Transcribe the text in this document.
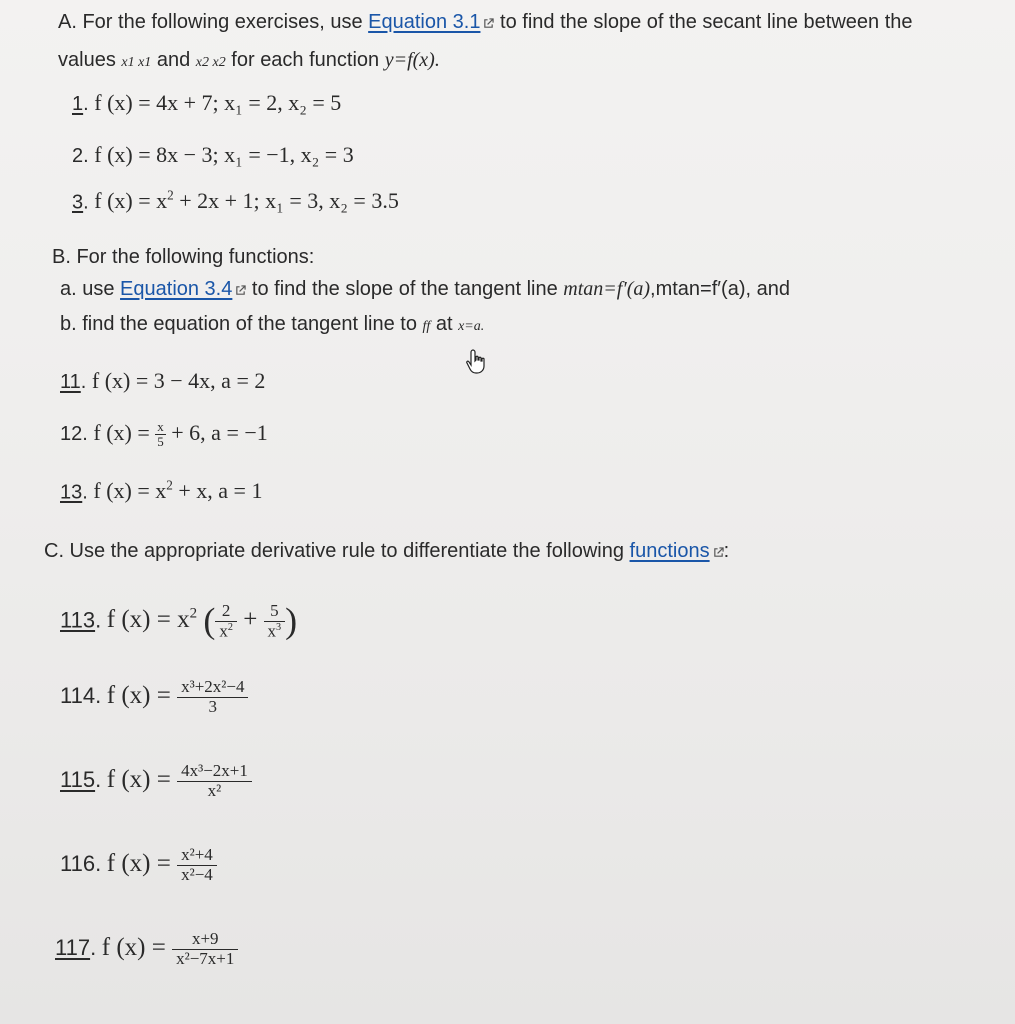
A. For the following exercises, use Equation 3.1 to find the slope of the secant line between the
values x1 x1 and x2 x2 for each function y=f(x).
1. f (x) = 4x + 7; x₁ = 2, x₂ = 5
2. f (x) = 8x − 3; x₁ = −1, x₂ = 3
3. f $(x) = x^2 + 2x + 1$; x₁ = 3, x₂ = 3.5
B. For the following functions:
a. use Equation 3.4 to find the slope of the tangent line mtan=f′(a),mtan=f′(a), and
b. find the equation of the tangent line to ff at x=a.
11. f (x) = 3 − 4x, a = 2
12. f $(x) = \frac{x}{5} + 6$, a = −1
13. f $(x) = x^2 + x$, a = 1
C. Use the appropriate derivative rule to differentiate the following functions :
113. f $(x) = x^2$ ( $\frac{2}{x^2} + \frac{5}{x^3}$ )
114. f $(x) = \frac{\text{x³+2x²−4}}{3}$
115. f $(x) = \frac{\text{4x³−2x+1}}{\text{x²}}$
116. f $(x) = \frac{\text{x²+4}}{\text{x²−4}}$
117. f $(x) = \frac{x+9}{\text{x²−7x+1}}$
